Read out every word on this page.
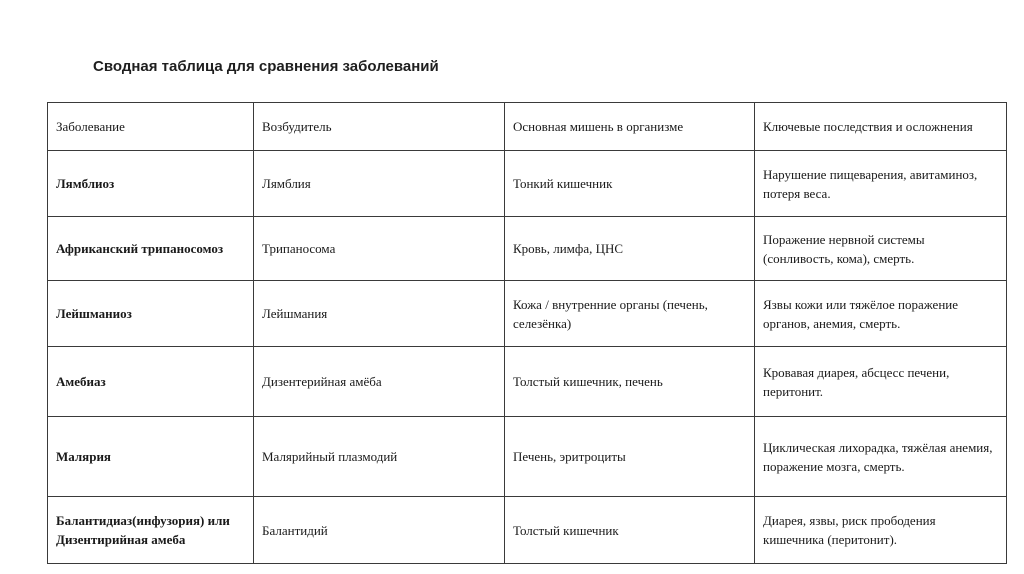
Сводная таблица для сравнения заболеваний
Заболевание	Возбудитель	Основная мишень в организме	Ключевые последствия и осложнения
Лямблиоз	Лямблия	Тонкий кишечник	Нарушение пищеварения, авитаминоз, потеря веса.
Африканский трипаносомоз	Трипаносома	Кровь, лимфа, ЦНС	Поражение нервной системы (сонливость, кома), смерть.
Лейшманиоз	Лейшмания	Кожа / внутренние органы (печень, селезёнка)	Язвы кожи или тяжёлое поражение органов, анемия, смерть.
Амебиаз	Дизентерийная амёба	Толстый кишечник, печень	Кровавая диарея, абсцесс печени, перитонит.
Малярия	Малярийный плазмодий	Печень, эритроциты	Циклическая лихорадка, тяжёлая анемия, поражение мозга, смерть.
Балантидиаз(инфузория) или Дизентирийная амеба	Балантидий	Толстый кишечник	Диарея, язвы, риск прободения кишечника (перитонит).
